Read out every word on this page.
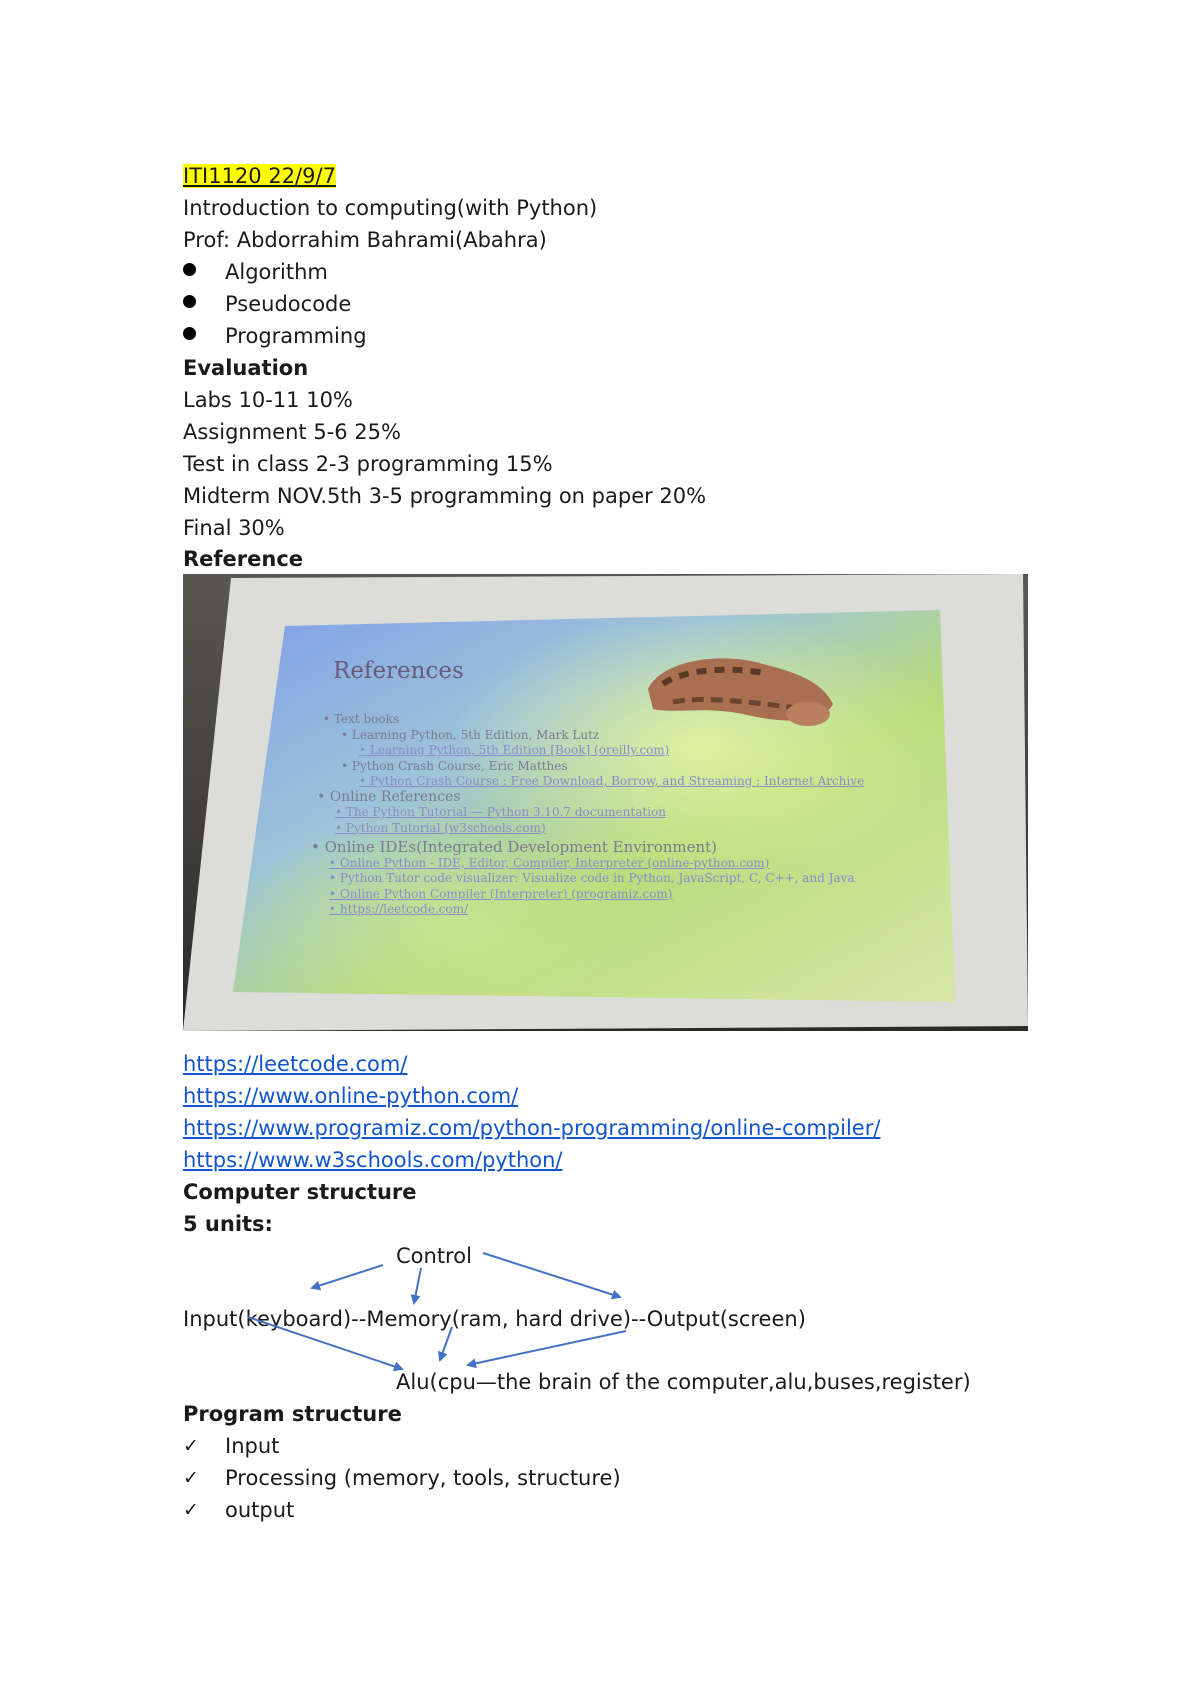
ITI1120 22/9/7
Introduction to computing(with Python)
Prof: Abdorrahim Bahrami(Abahra)
Algorithm
Pseudocode
Programming
Evaluation
Labs 10-11 10%
Assignment 5-6 25%
Test in class 2-3 programming 15%
Midterm NOV.5th 3-5 programming on paper 20%
Final 30%
Reference
References
• Text books
• Learning Python, 5th Edition, Mark Lutz
• Learning Python, 5th Edition [Book] (oreilly.com)
• Python Crash Course, Eric Matthes
• Python Crash Course : Free Download, Borrow, and Streaming : Internet Archive
• Online References
• The Python Tutorial — Python 3.10.7 documentation
• Python Tutorial (w3schools.com)
• Online IDEs(Integrated Development Environment)
• Online Python - IDE, Editor, Compiler, Interpreter (online-python.com)
• Python Tutor code visualizer: Visualize code in Python, JavaScript, C, C++, and Java
• Online Python Compiler (Interpreter) (programiz.com)
• https://leetcode.com/
https://leetcode.com/
https://www.online-python.com/
https://www.programiz.com/python-programming/online-compiler/
https://www.w3schools.com/python/
Computer structure
5 units:
Control
Input(keyboard)--Memory(ram, hard drive)--Output(screen)
Alu(cpu—the brain of the computer,alu,buses,register)
Program structure
✓ Input
✓ Processing (memory, tools, structure)
✓ output
